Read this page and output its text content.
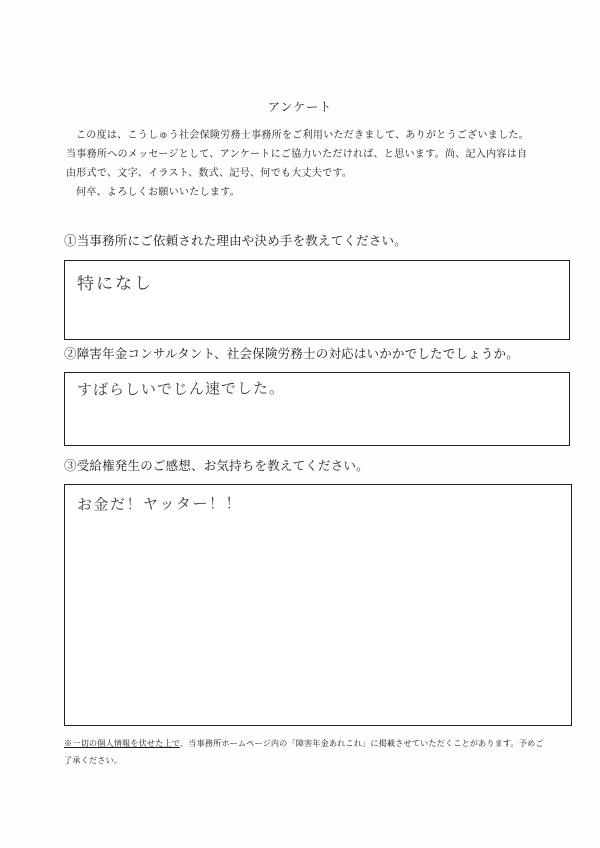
アンケート

この度は、こうしゅう社会保険労務士事務所をご利用いただきまして、ありがとうございました。当事務所へのメッセージとして、アンケートにご協力いただければ、と思います。尚、記入内容は自由形式で、文字、イラスト、数式、記号、何でも大丈夫です。

何卒、よろしくお願いいたします。

①当事務所にご依頼された理由や決め手を教えてください。
特になし
②障害年金コンサルタント、社会保険労務士の対応はいかかでしたでしょうか。
すばらしいでじん速でした。
③受給権発生のご感想、お気持ちを教えてください。
お金だ！ヤッター！！
※一切の個人情報を伏せた上で、当事務所ホームページ内の「障害年金あれこれ」に掲載させていただくことがあります。予めご了承ください。
